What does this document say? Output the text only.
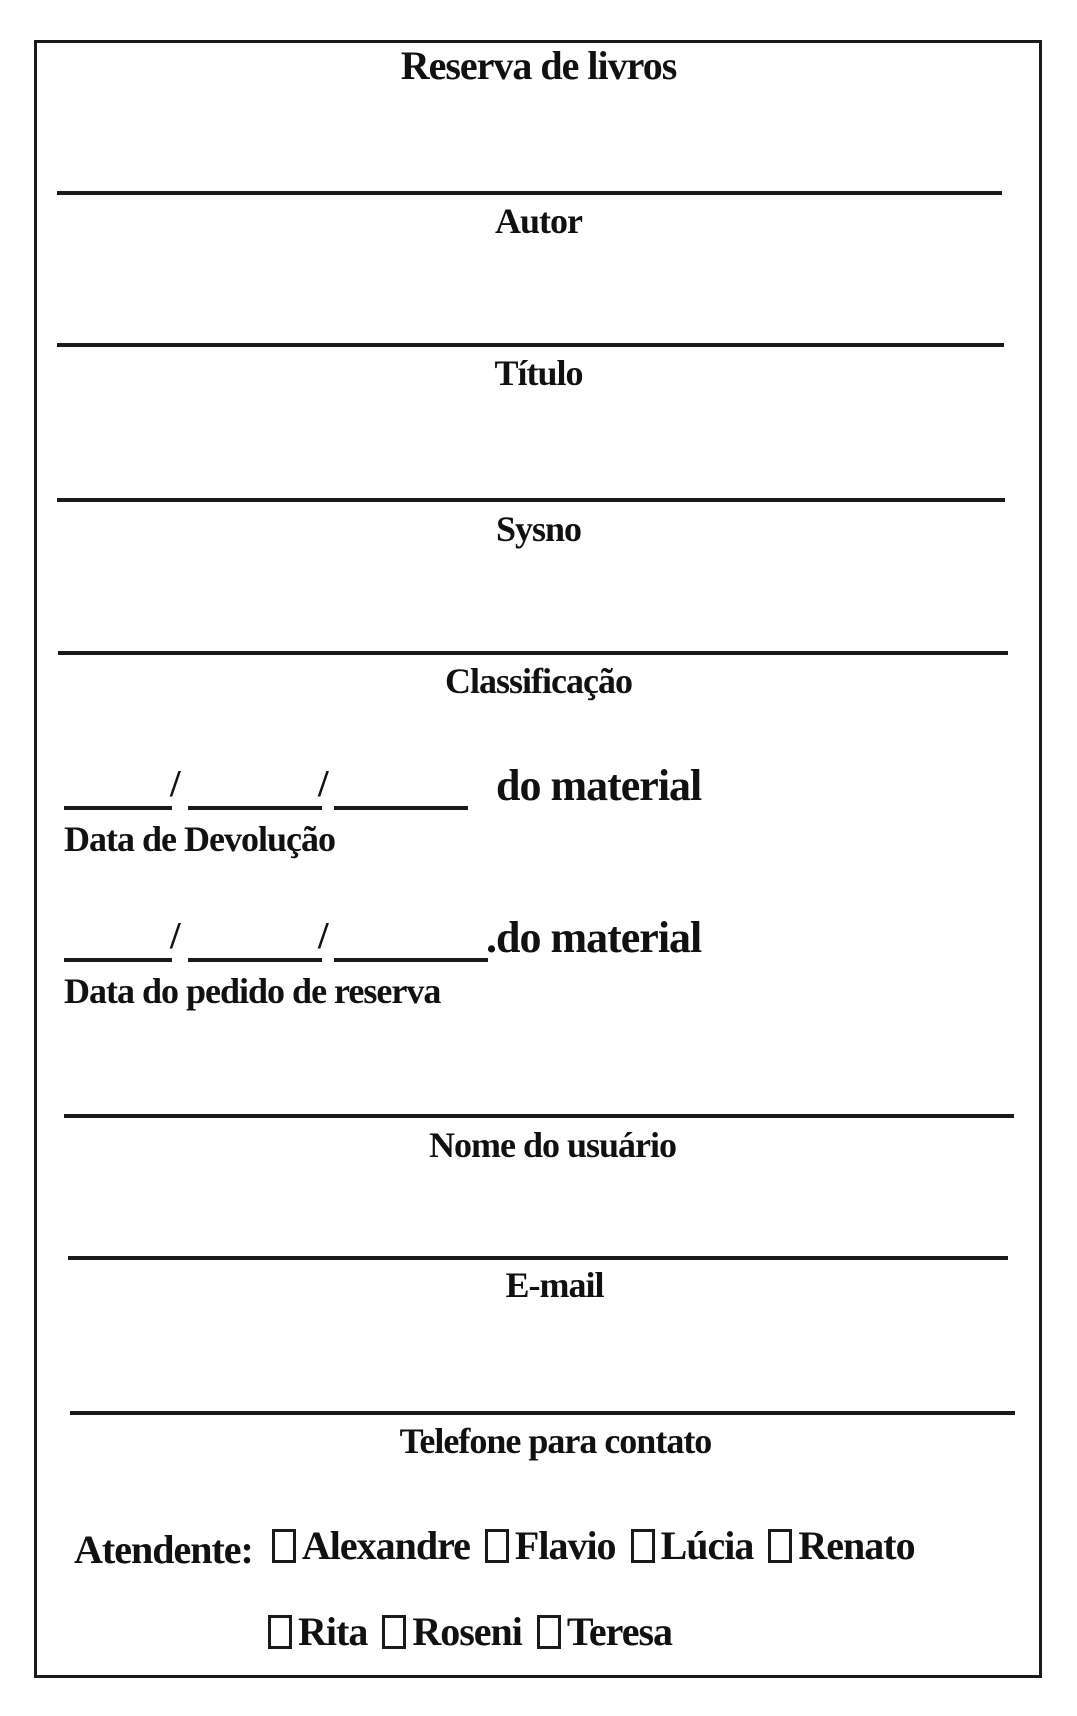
Reserva de livros
Autor
Título
Sysno
Classificação
/	/	do material
Data de Devolução
/	/	.do material
Data do pedido de reserva
Nome do usuário
E-mail
Telefone para contato
Atendente: Alexandre
Flavio
Lúcia
Renato
Rita
Roseni
Teresa
